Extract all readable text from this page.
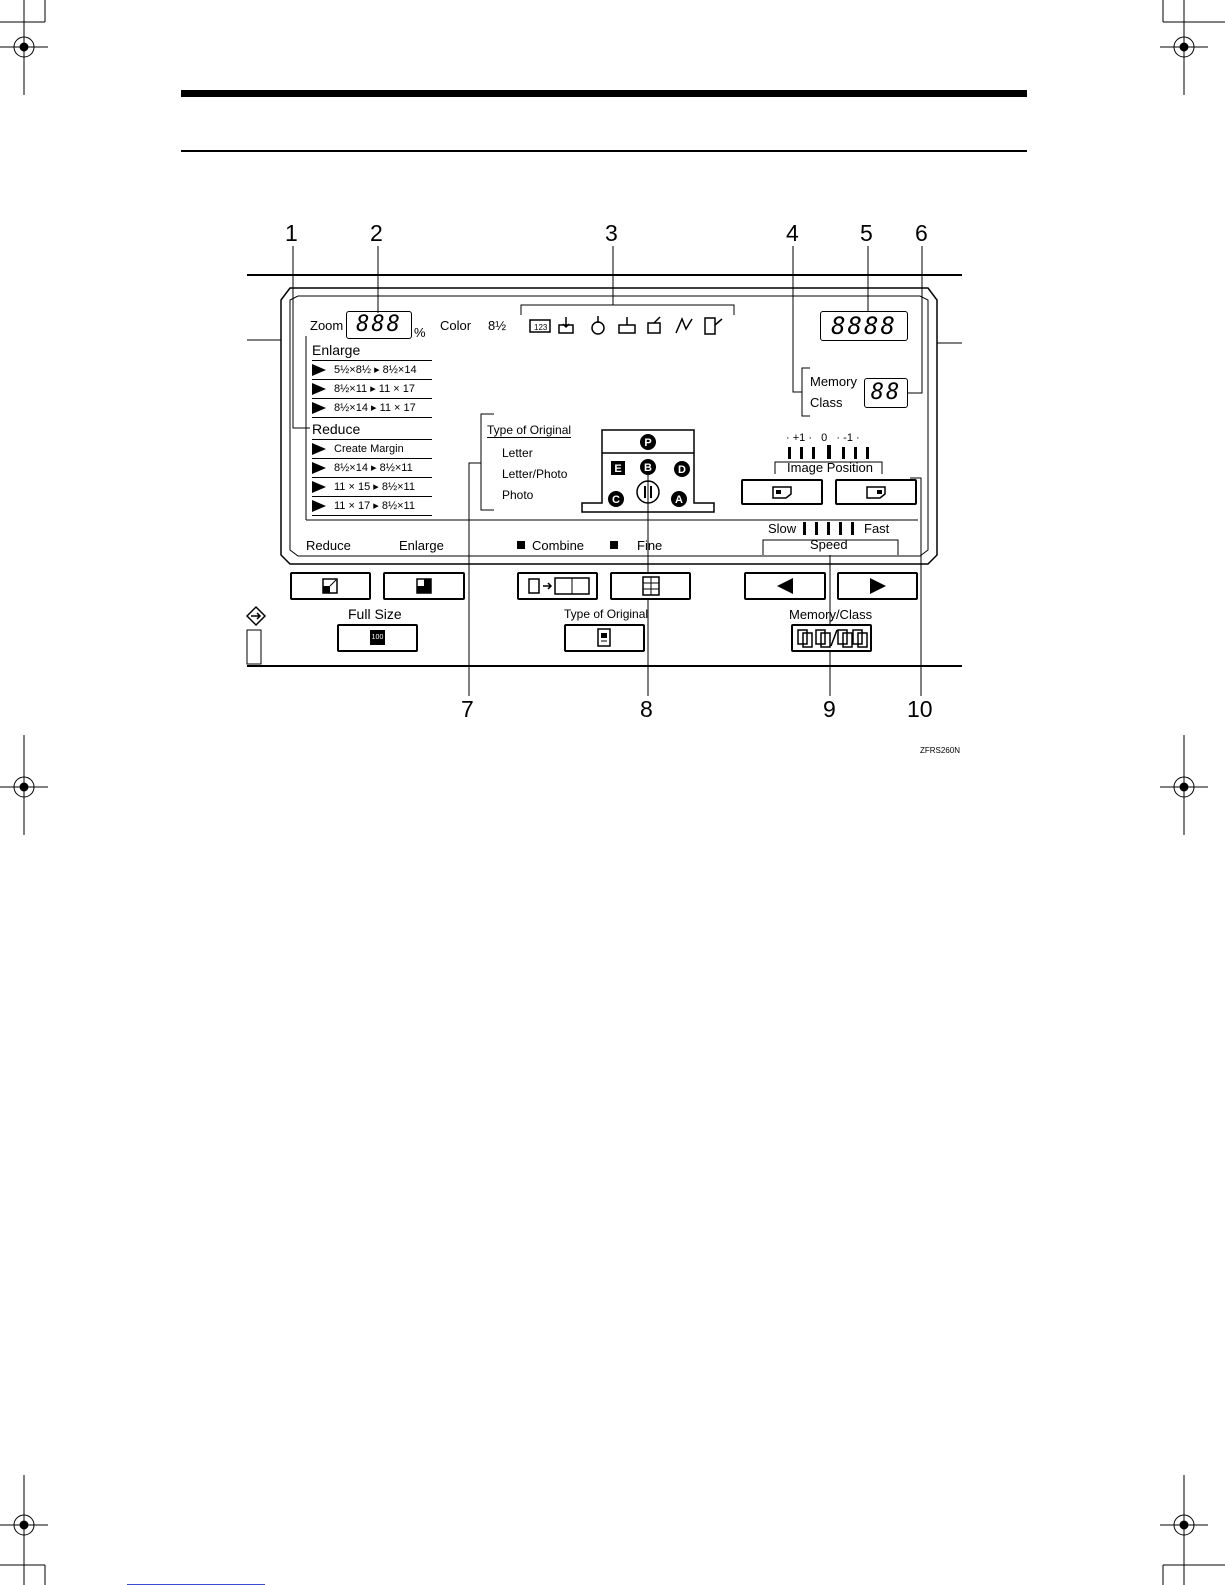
1	2	3	4	5 6
7	8	9	10
Zoom 888 % Color 8½	123	8888
Memory
Class	88
Enlarge
5½×8½ ▸ 8½×14
8½×11 ▸ 11 × 17
8½×14 ▸ 11 × 17
Reduce
Create Margin
8½×14 ▸ 8½×11
11 × 15 ▸ 8½×11
11 × 17 ▸ 8½×11
Type of Original
Letter
Letter/Photo
Photo
P
E B D
C	A
· +1 ·   0   · -1 ·
Image Position
Slow	Fast
Speed
Reduce	Enlarge	Combine	Fine
Full Size
100
Type of Original	Memory/Class
ZFRS260N
